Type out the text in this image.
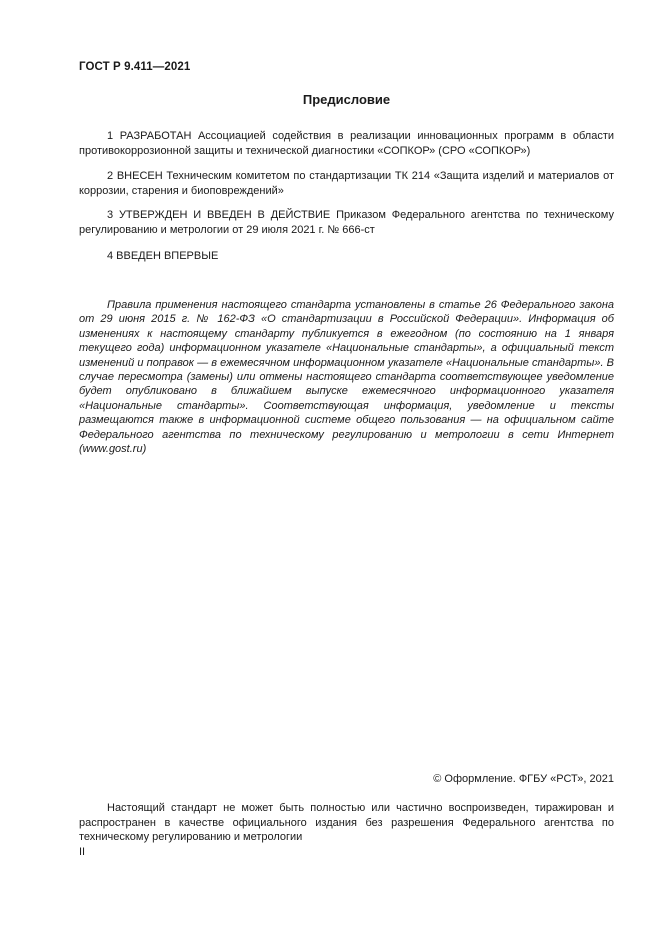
ГОСТ Р 9.411—2021
Предисловие
1 РАЗРАБОТАН Ассоциацией содействия в реализации инновационных программ в области противокоррозионной защиты и технической диагностики «СОПКОР» (СРО «СОПКОР»)
2 ВНЕСЕН Техническим комитетом по стандартизации ТК 214 «Защита изделий и материалов от коррозии, старения и биоповреждений»
3 УТВЕРЖДЕН И ВВЕДЕН В ДЕЙСТВИЕ Приказом Федерального агентства по техническому регулированию и метрологии от 29 июля 2021 г. № 666-ст
4 ВВЕДЕН ВПЕРВЫЕ
Правила применения настоящего стандарта установлены в статье 26 Федерального закона от 29 июня 2015 г. № 162-ФЗ «О стандартизации в Российской Федерации». Информация об изменениях к настоящему стандарту публикуется в ежегодном (по состоянию на 1 января текущего года) информационном указателе «Национальные стандарты», а официальный текст изменений и поправок — в ежемесячном информационном указателе «Национальные стандарты». В случае пересмотра (замены) или отмены настоящего стандарта соответствующее уведомление будет опубликовано в ближайшем выпуске ежемесячного информационного указателя «Национальные стандарты». Соответствующая информация, уведомление и тексты размещаются также в информационной системе общего пользования — на официальном сайте Федерального агентства по техническому регулированию и метрологии в сети Интернет (www.gost.ru)
© Оформление. ФГБУ «РСТ», 2021
Настоящий стандарт не может быть полностью или частично воспроизведен, тиражирован и распространен в качестве официального издания без разрешения Федерального агентства по техническому регулированию и метрологии
II
